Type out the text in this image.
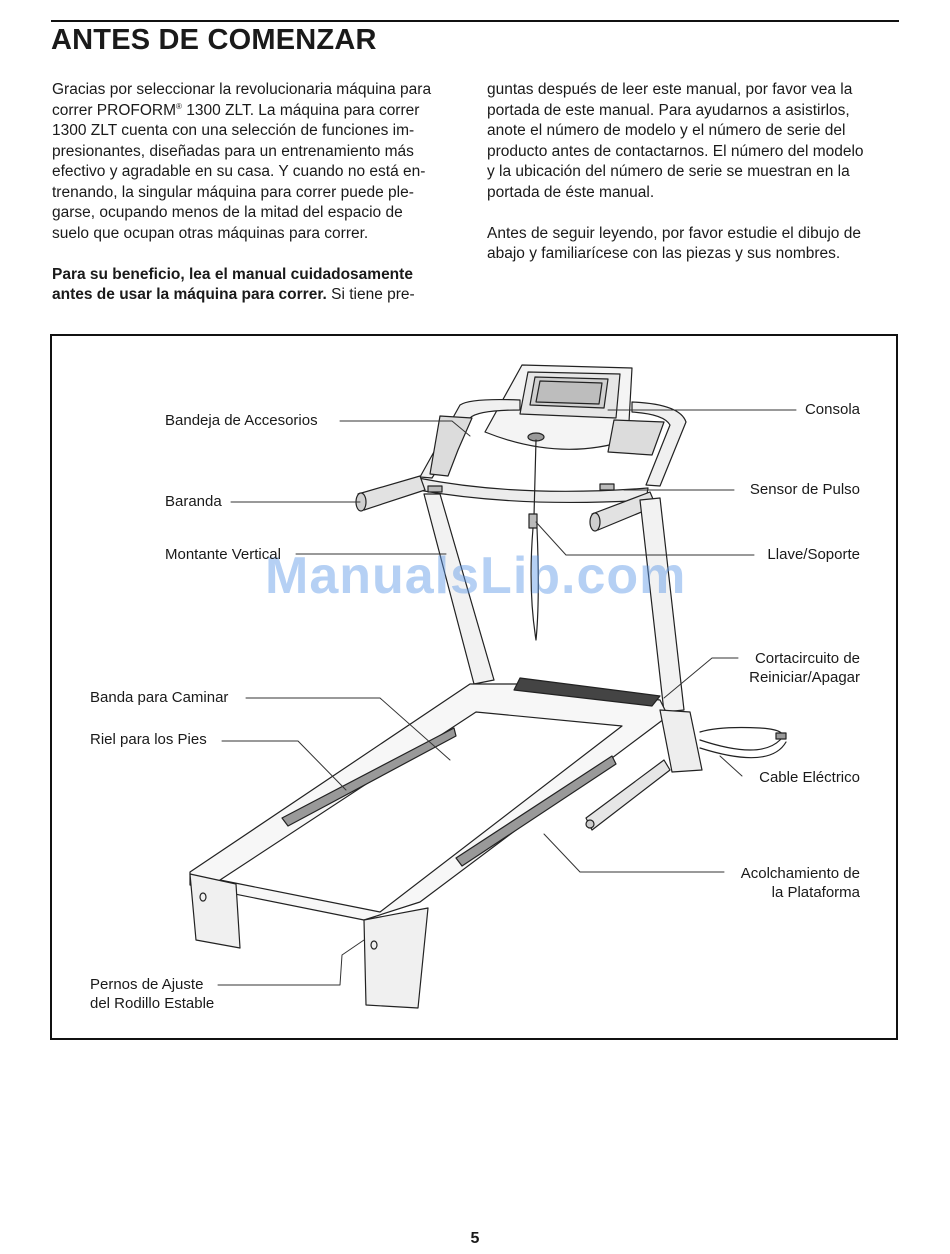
ANTES DE COMENZAR

Gracias por seleccionar la revolucionaria máquina para
correr PROFORM® 1300 ZLT. La máquina para correr
1300 ZLT cuenta con una selección de funciones im-
presionantes, diseñadas para un entrenamiento más
efectivo y agradable en su casa. Y cuando no está en-
trenando, la singular máquina para correr puede ple-
garse, ocupando menos de la mitad del espacio de
suelo que ocupan otras máquinas para correr.

Para su beneficio, lea el manual cuidadosamente
antes de usar la máquina para correr. Si tiene pre-

guntas después de leer este manual, por favor vea la
portada de este manual. Para ayudarnos a asistirlos,
anote el número de modelo y el número de serie del
producto antes de contactarnos. El número del modelo
y la ubicación del número de serie se muestran en la
portada de éste manual.

Antes de seguir leyendo, por favor estudie el dibujo de
abajo y familiarícese con las piezas y sus nombres.

ManualsLib.com
Bandeja de Accesorios
Baranda
Montante Vertical
Banda para Caminar
Riel para los Pies
Pernos de Ajuste
del Rodillo Estable
Consola
Sensor de Pulso
Llave/Soporte
Cortacircuito de
Reiniciar/Apagar
Cable Eléctrico
Acolchamiento de
la Plataforma
5
